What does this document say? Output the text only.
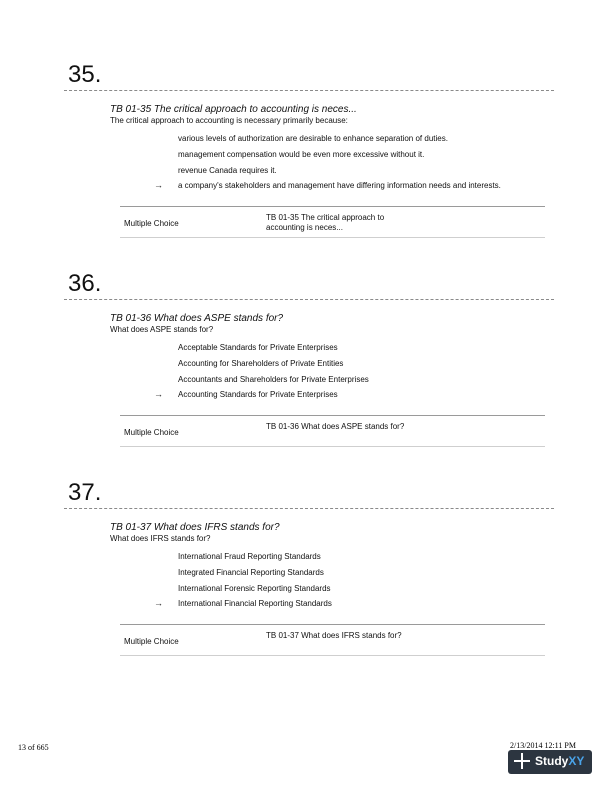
35.
TB 01-35 The critical approach to accounting is neces...
The critical approach to accounting is necessary primarily because:
various levels of authorization are desirable to enhance separation of duties.
management compensation would be even more excessive without it.
revenue Canada requires it.
→ a company's stakeholders and management have differing information needs and interests.
Multiple Choice
TB 01-35 The critical approach to accounting is neces...
36.
TB 01-36 What does ASPE stands for?
What does ASPE stands for?
Acceptable Standards for Private Enterprises
Accounting for Shareholders of Private Entities
Accountants and Shareholders for Private Enterprises
→ Accounting Standards for Private Enterprises
Multiple Choice
TB 01-36 What does ASPE stands for?
37.
TB 01-37 What does IFRS stands for?
What does IFRS stands for?
International Fraud Reporting Standards
Integrated Financial Reporting Standards
International Forensic Reporting Standards
→ International Financial Reporting Standards
Multiple Choice
TB 01-37 What does IFRS stands for?
13 of 665	2/13/2014 12:11 PM
StudyXY
